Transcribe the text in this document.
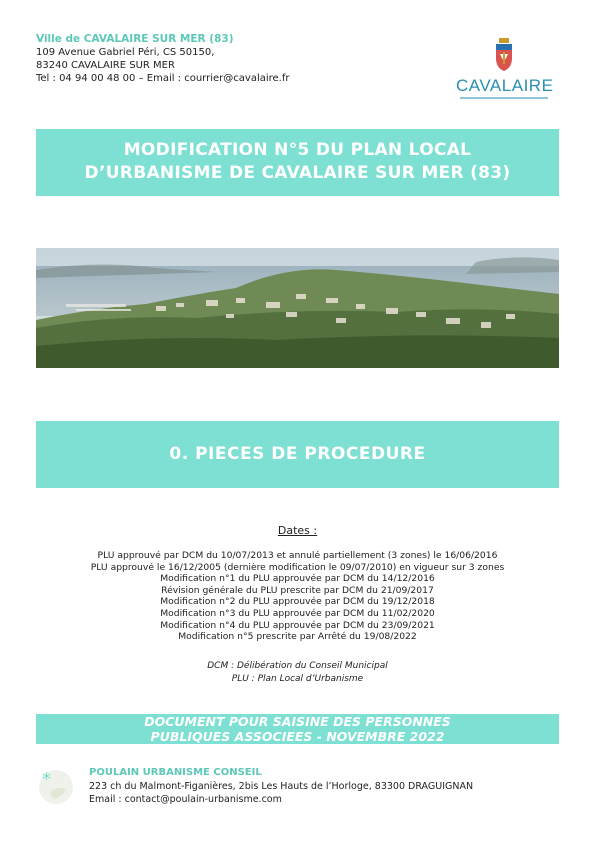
Ville de CAVALAIRE SUR MER (83)
109 Avenue Gabriel Péri, CS 50150,
83240 CAVALAIRE SUR MER
Tel : 04 94 00 48 00 – Email : courrier@cavalaire.fr	CAVALAIRE
MODIFICATION N°5 DU PLAN LOCAL
D’URBANISME DE CAVALAIRE SUR MER (83)
0. PIECES DE PROCEDURE
Dates :
PLU approuvé par DCM du 10/07/2013 et annulé partiellement (3 zones) le 16/06/2016
PLU approuvé le 16/12/2005 (dernière modification le 09/07/2010) en vigueur sur 3 zones
Modification n°1 du PLU approuvée par DCM du 14/12/2016
Révision générale du PLU prescrite par DCM du 21/09/2017
Modification n°2 du PLU approuvée par DCM du 19/12/2018
Modification n°3 du PLU approuvée par DCM du 11/02/2020
Modification n°4 du PLU approuvée par DCM du 23/09/2021
Modification n°5 prescrite par Arrêté du 19/08/2022
DCM : Délibération du Conseil Municipal
PLU : Plan Local d’Urbanisme
DOCUMENT POUR SAISINE DES PERSONNES
PUBLIQUES ASSOCIEES - NOVEMBRE 2022
*	POULAIN URBANISME CONSEIL
223 ch du Malmont-Figanières, 2bis Les Hauts de l’Horloge, 83300 DRAGUIGNAN
Email : contact@poulain-urbanisme.com
